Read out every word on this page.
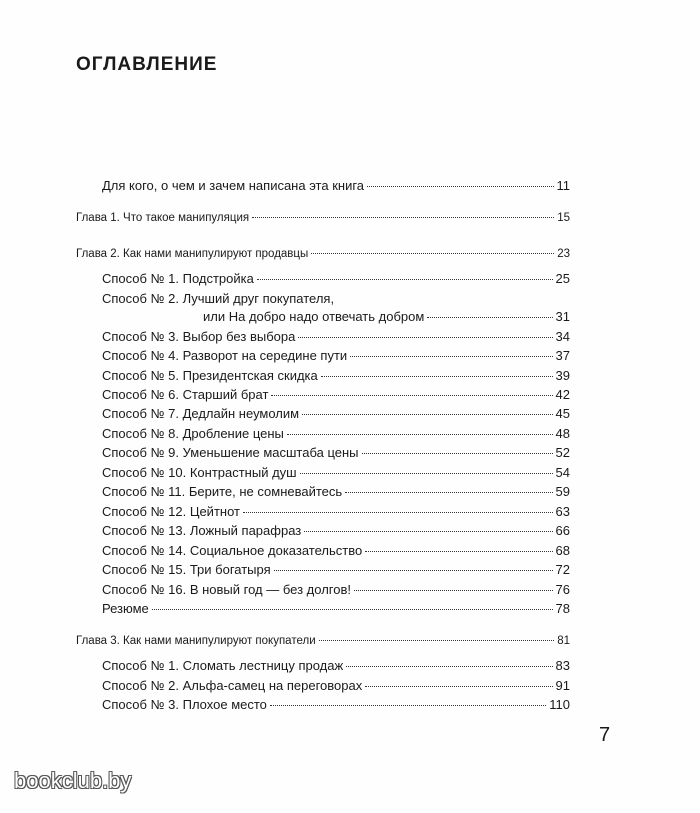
ОГЛАВЛЕНИЕ
Для кого, о чем и зачем написана эта книга	11
Глава 1. Что такое манипуляция	15
Глава 2. Как нами манипулируют продавцы	23
Способ № 1. Подстройка	25
Способ № 2. Лучший друг покупателя,
или На добро надо отвечать добром	31
Способ № 3. Выбор без выбора	34
Способ № 4. Разворот на середине пути	37
Способ № 5. Президентская скидка	39
Способ № 6. Старший брат	42
Способ № 7. Дедлайн неумолим	45
Способ № 8. Дробление цены	48
Способ № 9. Уменьшение масштаба цены	52
Способ № 10. Контрастный душ	54
Способ № 11. Берите, не сомневайтесь	59
Способ № 12. Цейтнот	63
Способ № 13. Ложный парафраз	66
Способ № 14. Социальное доказательство	68
Способ № 15. Три богатыря	72
Способ № 16. В новый год — без долгов!	76
Резюме	78
Глава 3. Как нами манипулируют покупатели	81
Способ № 1. Сломать лестницу продаж	83
Способ № 2. Альфа-самец на переговорах	91
Способ № 3. Плохое место	110
7
bookclub.by
